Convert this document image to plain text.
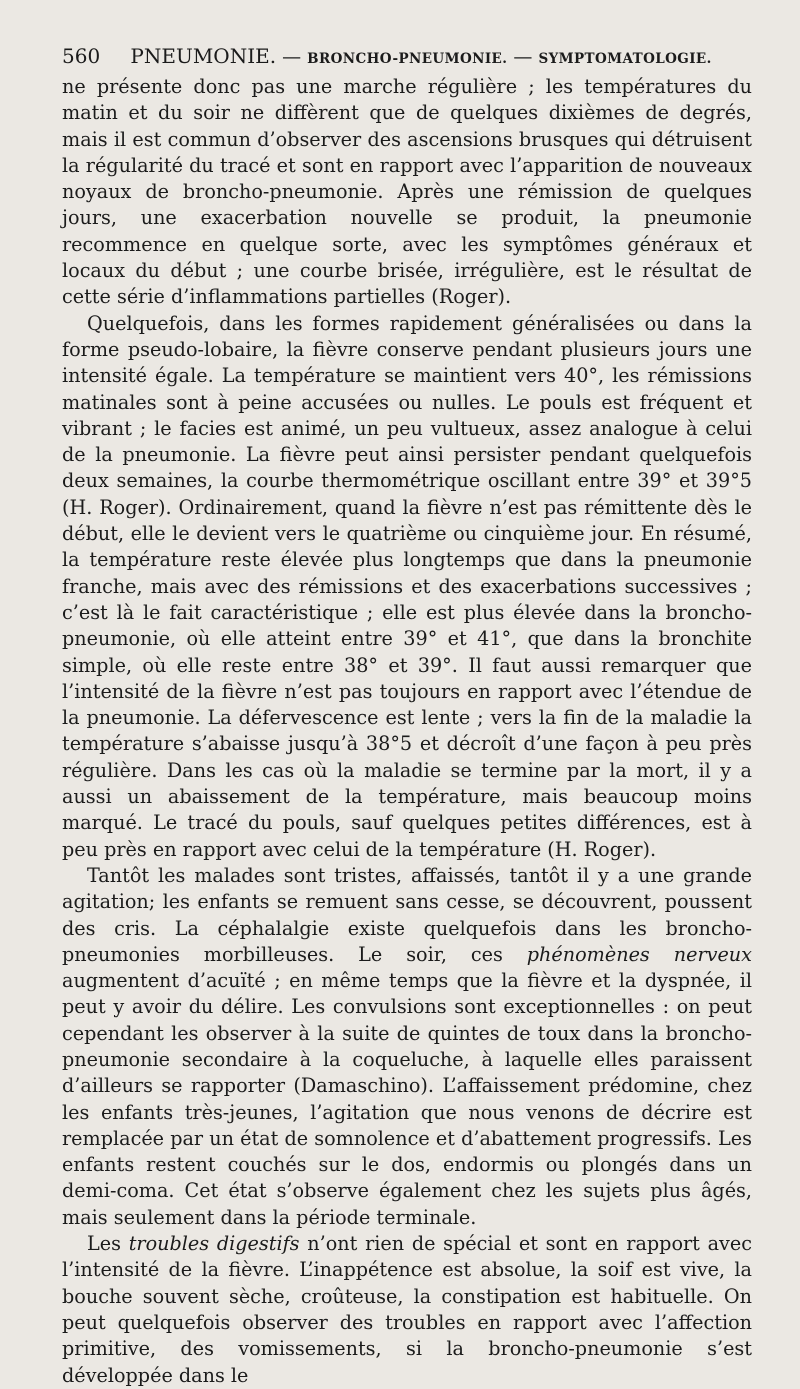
560 PNEUMONIE. — BRONCHO-PNEUMONIE. — SYMPTOMATOLOGIE.

ne présente donc pas une marche régulière ; les températures du matin et du soir ne diffèrent que de quelques dixièmes de degrés, mais il est commun d’observer des ascensions brusques qui détruisent la régularité du tracé et sont en rapport avec l’apparition de nouveaux noyaux de broncho-pneumonie. Après une rémission de quelques jours, une exacerbation nouvelle se produit, la pneumonie recommence en quelque sorte, avec les symptômes généraux et locaux du début ; une courbe brisée, irrégulière, est le résultat de cette série d’inflammations partielles (Roger).

Quelquefois, dans les formes rapidement généralisées ou dans la forme pseudo-lobaire, la fièvre conserve pendant plusieurs jours une intensité égale. La température se maintient vers 40°, les rémissions matinales sont à peine accusées ou nulles. Le pouls est fréquent et vibrant ; le facies est animé, un peu vultueux, assez analogue à celui de la pneumonie. La fièvre peut ainsi persister pendant quelquefois deux semaines, la courbe thermométrique oscillant entre 39° et 39°5 (H. Roger). Ordinairement, quand la fièvre n’est pas rémittente dès le début, elle le devient vers le quatrième ou cinquième jour. En résumé, la température reste élevée plus longtemps que dans la pneumonie franche, mais avec des rémissions et des exacerbations successives ; c’est là le fait caractéristique ; elle est plus élevée dans la broncho-pneumonie, où elle atteint entre 39° et 41°, que dans la bronchite simple, où elle reste entre 38° et 39°. Il faut aussi remarquer que l’intensité de la fièvre n’est pas toujours en rapport avec l’étendue de la pneumonie. La défervescence est lente ; vers la fin de la maladie la température s’abaisse jusqu’à 38°5 et décroît d’une façon à peu près régulière. Dans les cas où la maladie se termine par la mort, il y a aussi un abaissement de la température, mais beaucoup moins marqué. Le tracé du pouls, sauf quelques petites différences, est à peu près en rapport avec celui de la température (H. Roger).

Tantôt les malades sont tristes, affaissés, tantôt il y a une grande agitation; les enfants se remuent sans cesse, se découvrent, poussent des cris. La céphalalgie existe quelquefois dans les broncho-pneumonies morbilleuses. Le soir, ces phénomènes nerveux augmentent d’acuïté ; en même temps que la fièvre et la dyspnée, il peut y avoir du délire. Les convulsions sont exceptionnelles : on peut cependant les observer à la suite de quintes de toux dans la broncho-pneumonie secondaire à la coqueluche, à laquelle elles paraissent d’ailleurs se rapporter (Damaschino). L’affaissement prédomine, chez les enfants très-jeunes, l’agitation que nous venons de décrire est remplacée par un état de somnolence et d’abattement progressifs. Les enfants restent couchés sur le dos, endormis ou plongés dans un demi-coma. Cet état s’observe également chez les sujets plus âgés, mais seulement dans la période terminale.

Les troubles digestifs n’ont rien de spécial et sont en rapport avec l’intensité de la fièvre. L’inappétence est absolue, la soif est vive, la bouche souvent sèche, croûteuse, la constipation est habituelle. On peut quelquefois observer des troubles en rapport avec l’affection primitive, des vomissements, si la broncho-pneumonie s’est développée dans le
